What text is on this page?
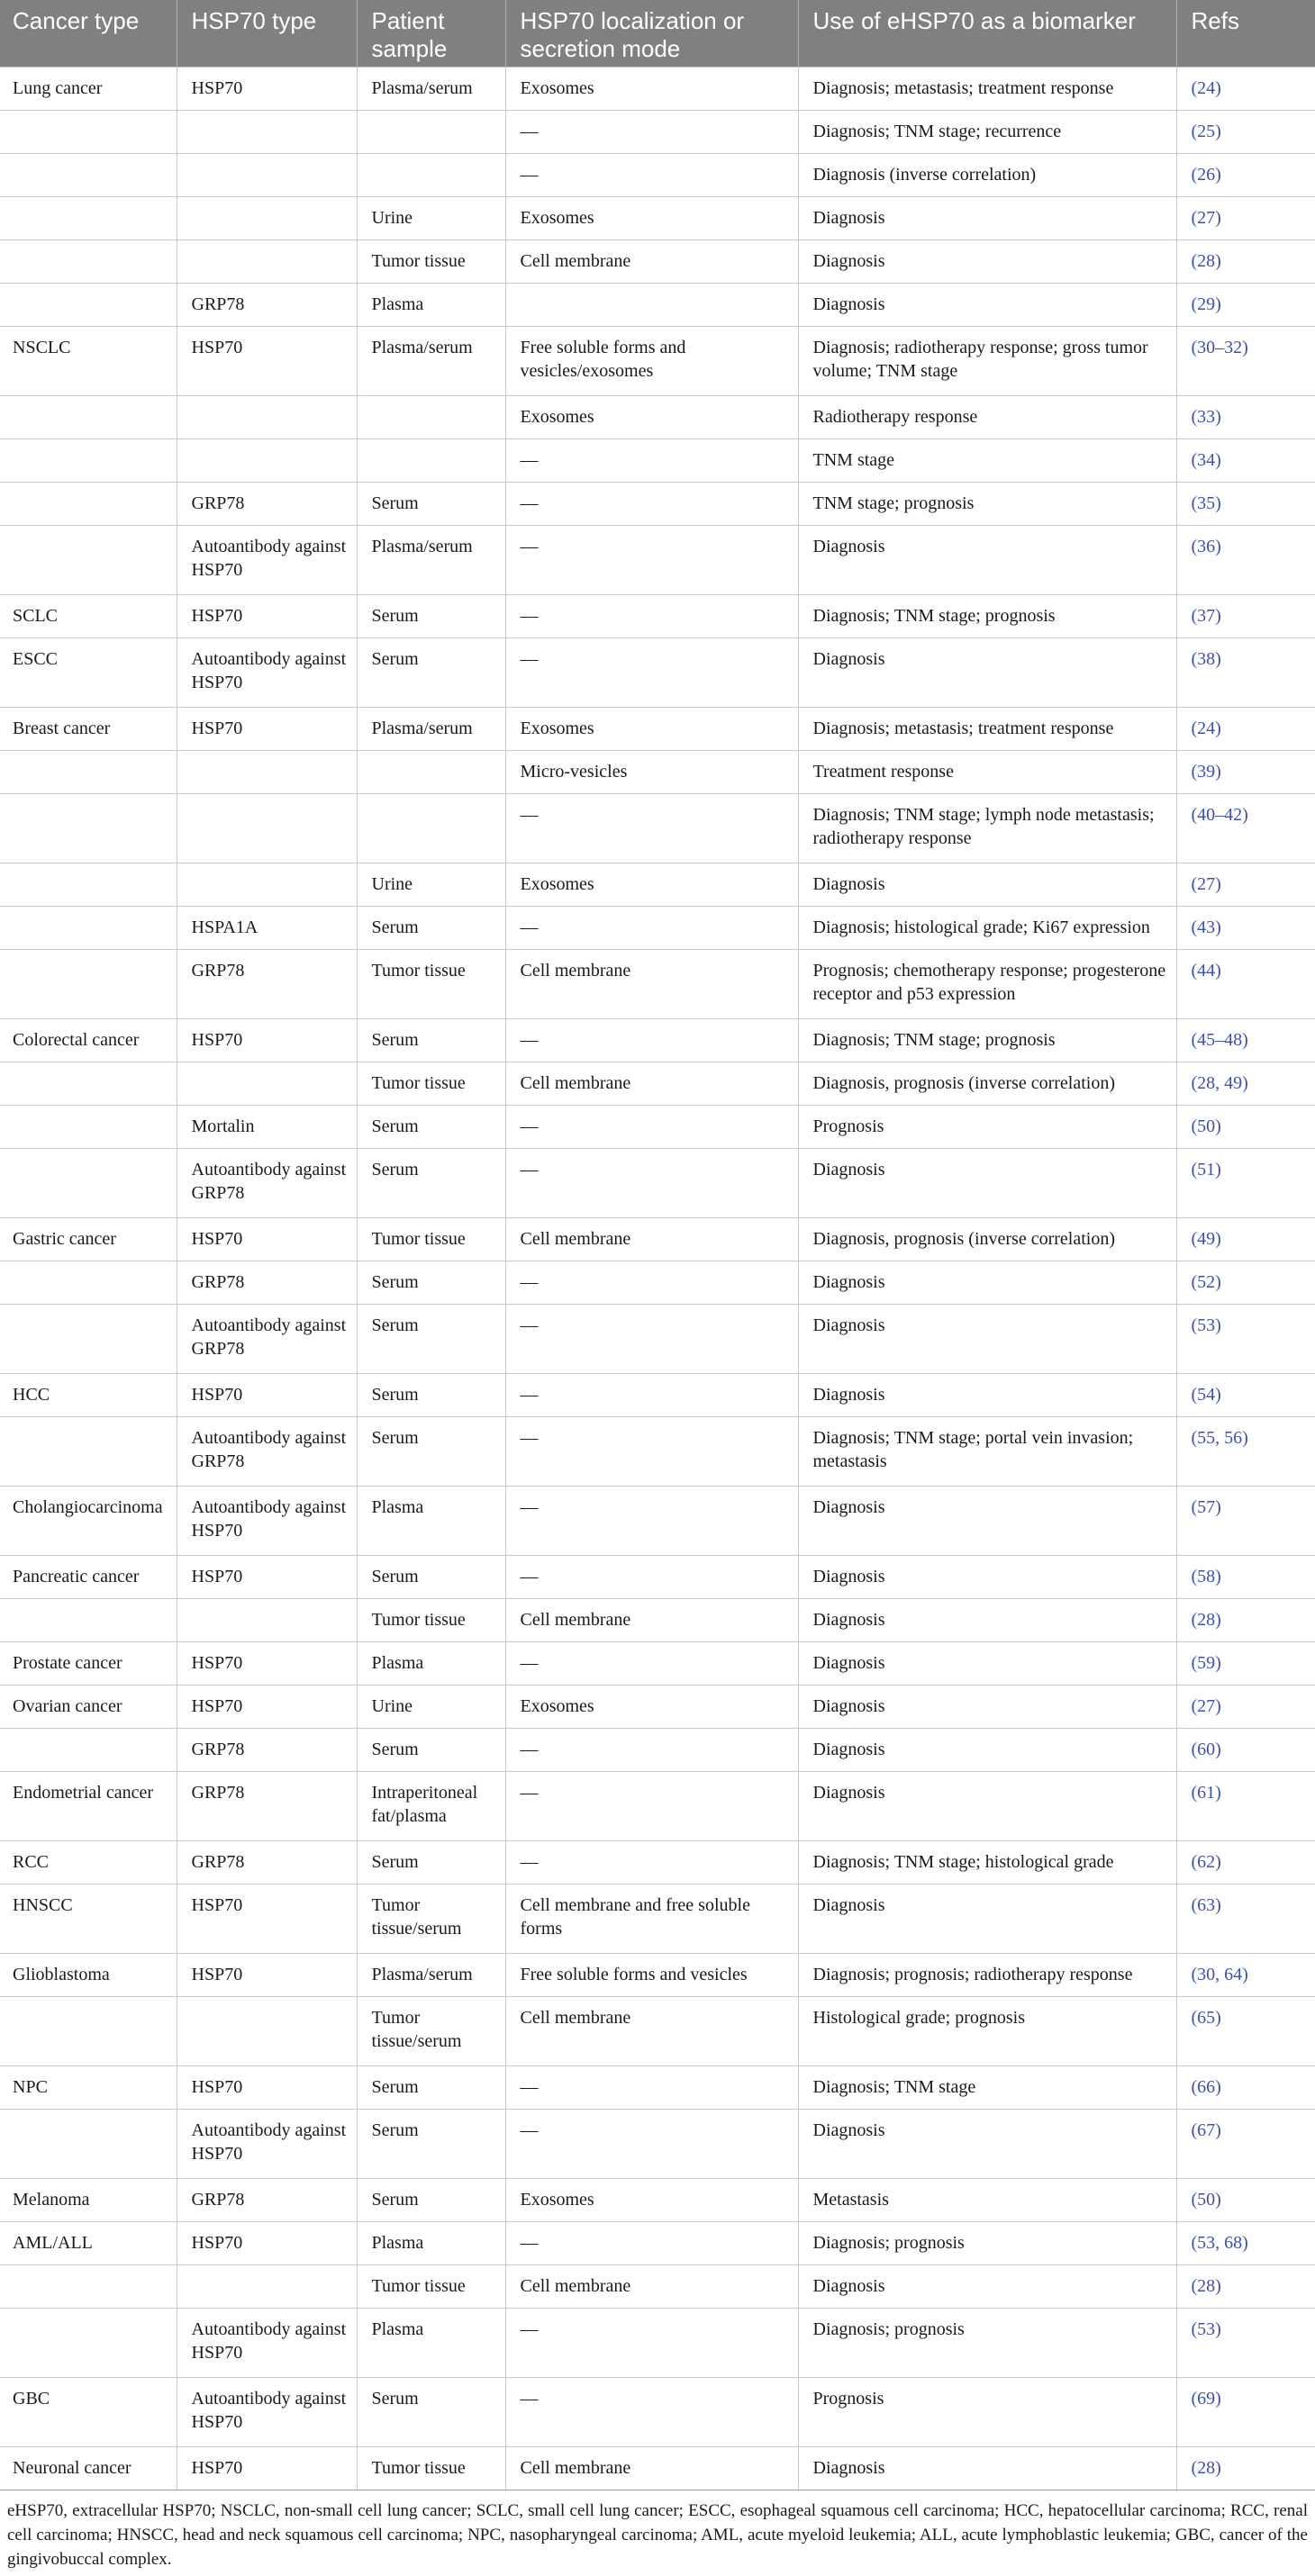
Cancer type	HSP70 type	Patient sample	HSP70 localization or secretion mode	Use of eHSP70 as a biomarker	Refs
Lung cancer	HSP70	Plasma/serum	Exosomes	Diagnosis; metastasis; treatment response	(24)
			—	Diagnosis; TNM stage; recurrence	(25)
			—	Diagnosis (inverse correlation)	(26)
		Urine	Exosomes	Diagnosis	(27)
		Tumor tissue	Cell membrane	Diagnosis	(28)
	GRP78	Plasma		Diagnosis	(29)
NSCLC	HSP70	Plasma/serum	Free soluble forms and vesicles/exosomes	Diagnosis; radiotherapy response; gross tumor volume; TNM stage	(30–32)
			Exosomes	Radiotherapy response	(33)
			—	TNM stage	(34)
	GRP78	Serum	—	TNM stage; prognosis	(35)
	Autoantibody against HSP70	Plasma/serum	—	Diagnosis	(36)
SCLC	HSP70	Serum	—	Diagnosis; TNM stage; prognosis	(37)
ESCC	Autoantibody against HSP70	Serum	—	Diagnosis	(38)
Breast cancer	HSP70	Plasma/serum	Exosomes	Diagnosis; metastasis; treatment response	(24)
			Micro-vesicles	Treatment response	(39)
			—	Diagnosis; TNM stage; lymph node metastasis; radiotherapy response	(40–42)
		Urine	Exosomes	Diagnosis	(27)
	HSPA1A	Serum	—	Diagnosis; histological grade; Ki67 expression	(43)
	GRP78	Tumor tissue	Cell membrane	Prognosis; chemotherapy response; progesterone receptor and p53 expression	(44)
Colorectal cancer	HSP70	Serum	—	Diagnosis; TNM stage; prognosis	(45–48)
		Tumor tissue	Cell membrane	Diagnosis, prognosis (inverse correlation)	(28, 49)
	Mortalin	Serum	—	Prognosis	(50)
	Autoantibody against GRP78	Serum	—	Diagnosis	(51)
Gastric cancer	HSP70	Tumor tissue	Cell membrane	Diagnosis, prognosis (inverse correlation)	(49)
	GRP78	Serum	—	Diagnosis	(52)
	Autoantibody against GRP78	Serum	—	Diagnosis	(53)
HCC	HSP70	Serum	—	Diagnosis	(54)
	Autoantibody against GRP78	Serum	—	Diagnosis; TNM stage; portal vein invasion; metastasis	(55, 56)
Cholangiocarcinoma	Autoantibody against HSP70	Plasma	—	Diagnosis	(57)
Pancreatic cancer	HSP70	Serum	—	Diagnosis	(58)
		Tumor tissue	Cell membrane	Diagnosis	(28)
Prostate cancer	HSP70	Plasma	—	Diagnosis	(59)
Ovarian cancer	HSP70	Urine	Exosomes	Diagnosis	(27)
	GRP78	Serum	—	Diagnosis	(60)
Endometrial cancer	GRP78	Intraperitoneal fat/plasma	—	Diagnosis	(61)
RCC	GRP78	Serum	—	Diagnosis; TNM stage; histological grade	(62)
HNSCC	HSP70	Tumor tissue/serum	Cell membrane and free soluble forms	Diagnosis	(63)
Glioblastoma	HSP70	Plasma/serum	Free soluble forms and vesicles	Diagnosis; prognosis; radiotherapy response	(30, 64)
		Tumor tissue/serum	Cell membrane	Histological grade; prognosis	(65)
NPC	HSP70	Serum	—	Diagnosis; TNM stage	(66)
	Autoantibody against HSP70	Serum	—	Diagnosis	(67)
Melanoma	GRP78	Serum	Exosomes	Metastasis	(50)
AML/ALL	HSP70	Plasma	—	Diagnosis; prognosis	(53, 68)
		Tumor tissue	Cell membrane	Diagnosis	(28)
	Autoantibody against HSP70	Plasma	—	Diagnosis; prognosis	(53)
GBC	Autoantibody against HSP70	Serum	—	Prognosis	(69)
Neuronal cancer	HSP70	Tumor tissue	Cell membrane	Diagnosis	(28)
eHSP70, extracellular HSP70; NSCLC, non-small cell lung cancer; SCLC, small cell lung cancer; ESCC, esophageal squamous cell carcinoma; HCC, hepatocellular carcinoma; RCC, renal cell carcinoma; HNSCC, head and neck squamous cell carcinoma; NPC, nasopharyngeal carcinoma; AML, acute myeloid leukemia; ALL, acute lymphoblastic leukemia; GBC, cancer of the gingivobuccal complex.
